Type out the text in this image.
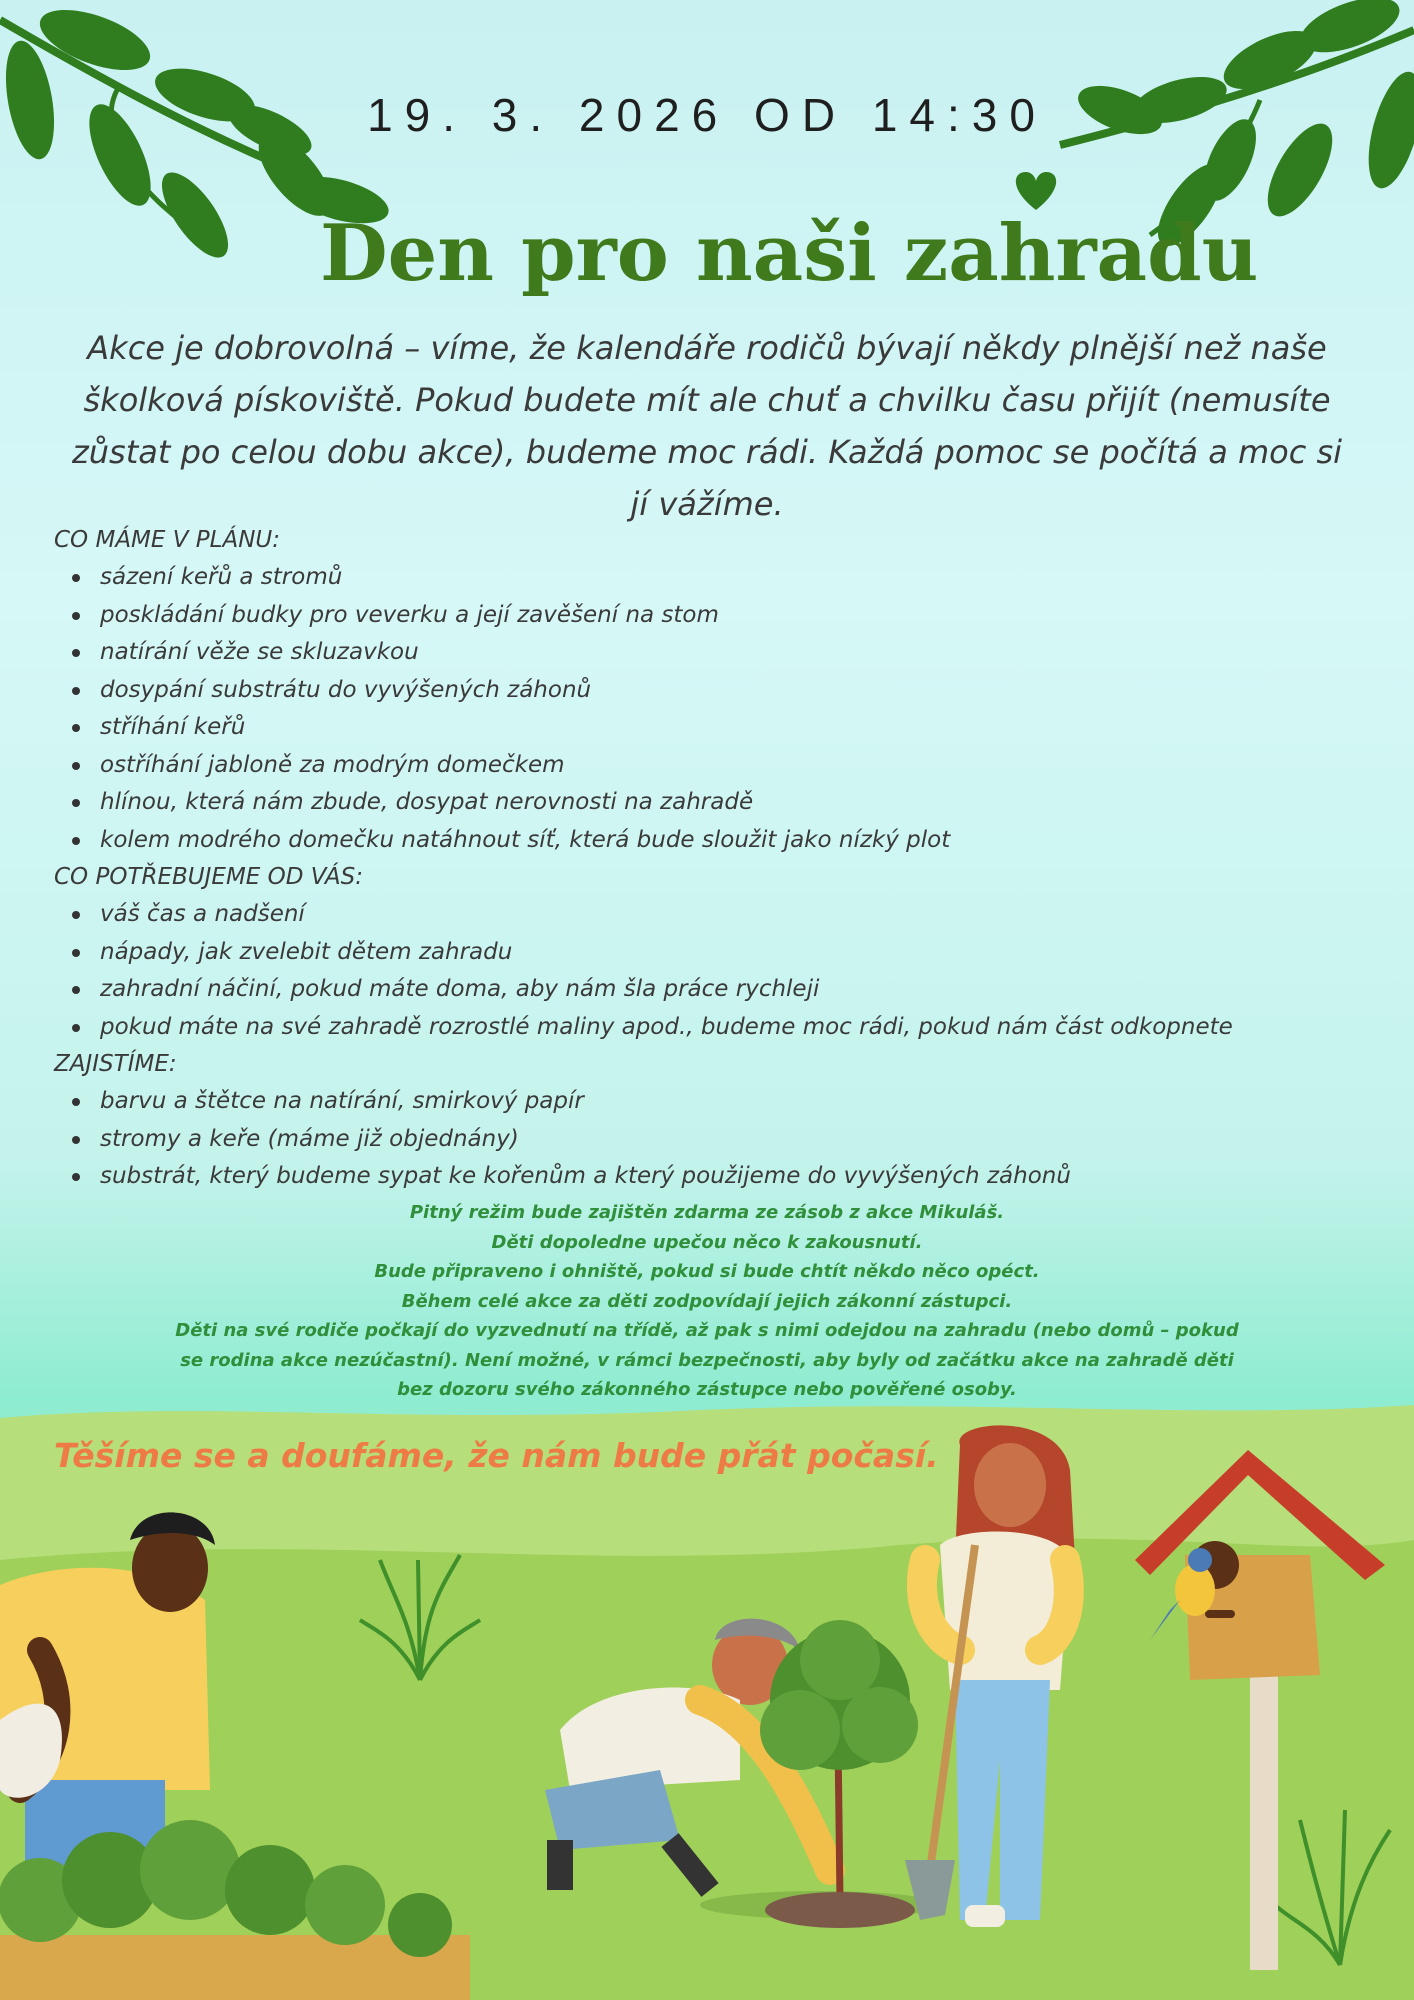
19. 3. 2026 OD 14:30
Den pro naši zahradu
Akce je dobrovolná – víme, že kalendáře rodičů bývají někdy plnější než naše školková pískoviště. Pokud budete mít ale chuť a chvilku času přijít (nemusíte zůstat po celou dobu akce), budeme moc rádi. Každá pomoc se počítá a moc si jí vážíme.
CO MÁME V PLÁNU:
sázení keřů a stromů
poskládání budky pro veverku a její zavěšení na stom
natírání věže se skluzavkou
dosypání substrátu do vyvýšených záhonů
stříhání keřů
ostříhání jabloně za modrým domečkem
hlínou, která nám zbude, dosypat nerovnosti na zahradě
kolem modrého domečku natáhnout síť, která bude sloužit jako nízký plot
CO POTŘEBUJEME OD VÁS:
váš čas a nadšení
nápady, jak zvelebit dětem zahradu
zahradní náčiní, pokud máte doma, aby nám šla práce rychleji
pokud máte na své zahradě rozrostlé maliny apod., budeme moc rádi, pokud nám část odkopnete
ZAJISTÍME:
barvu a štětce na natírání, smirkový papír
stromy a keře (máme již objednány)
substrát, který budeme sypat ke kořenům a který použijeme do vyvýšených záhonů
Pitný režim bude zajištěn zdarma ze zásob z akce Mikuláš.
Děti dopoledne upečou něco k zakousnutí.
Bude připraveno i ohniště, pokud si bude chtít někdo něco opéct.
Během celé akce za děti zodpovídají jejich zákonní zástupci.
Děti na své rodiče počkají do vyzvednutí na třídě, až pak s nimi odejdou na zahradu (nebo domů – pokud
se rodina akce nezúčastní). Není možné, v rámci bezpečnosti, aby byly od začátku akce na zahradě děti
bez dozoru svého zákonného zástupce nebo pověřené osoby.
Těšíme se a doufáme, že nám bude přát počasí.
